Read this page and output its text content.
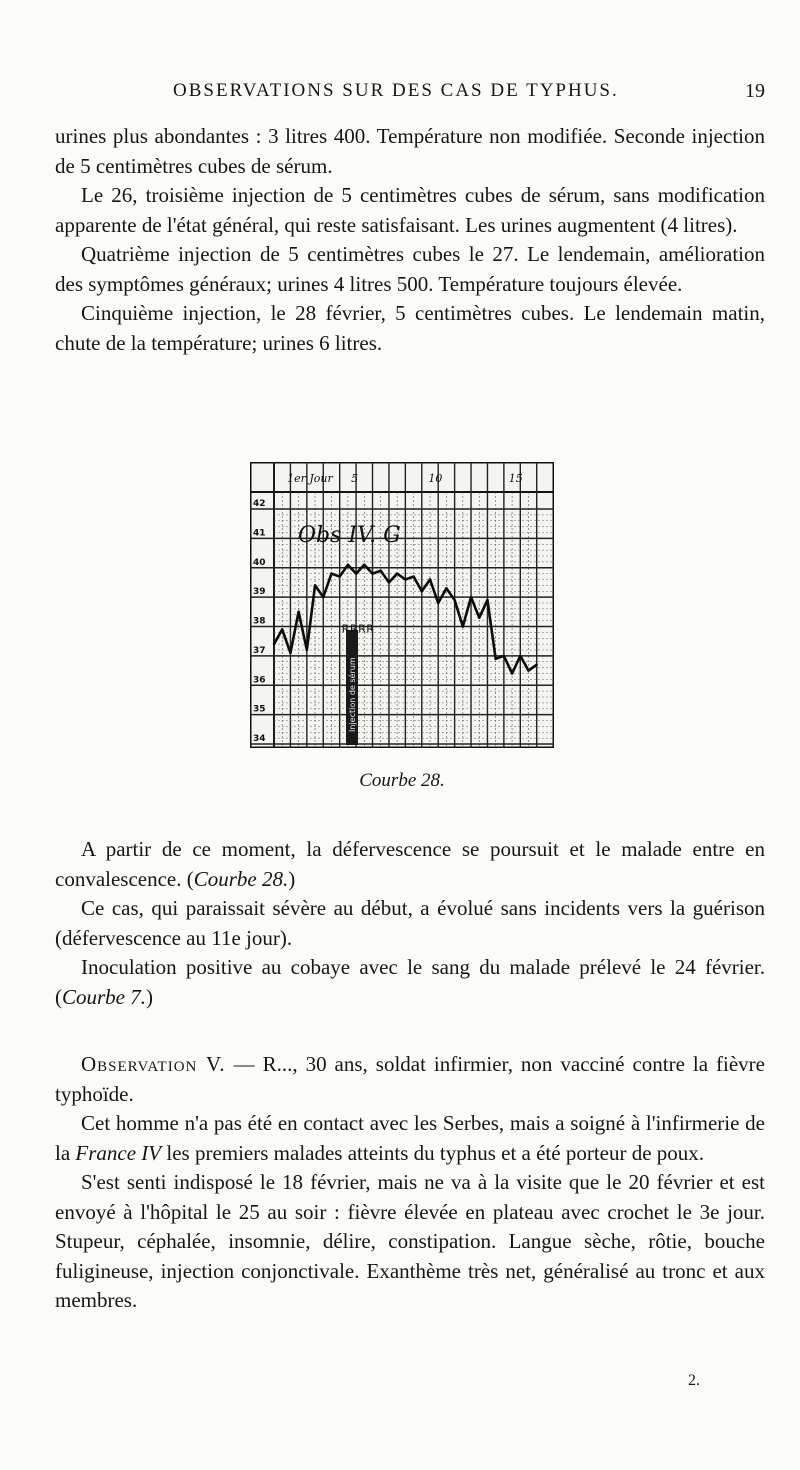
OBSERVATIONS SUR DES CAS DE TYPHUS.	19

urines plus abondantes : 3 litres 400. Température non modifiée. Seconde injection de 5 centimètres cubes de sérum.

Le 26, troisième injection de 5 centimètres cubes de sérum, sans modification apparente de l'état général, qui reste satisfaisant. Les urines augmentent (4 litres).

Quatrième injection de 5 centimètres cubes le 27. Le lendemain, amélioration des symptômes généraux; urines 4 litres 500. Température toujours élevée.

Cinquième injection, le 28 février, 5 centimètres cubes. Le lendemain matin, chute de la température; urines 6 litres.

42
41
40
39
38
37
36
35
34
1er Jour 5	10	15
Obs IV. G
Injection de sérum
R R R R
Courbe 28.

A partir de ce moment, la défervescence se poursuit et le malade entre en convalescence. (Courbe 28.)

Ce cas, qui paraissait sévère au début, a évolué sans incidents vers la guérison (défervescence au 11e jour).

Inoculation positive au cobaye avec le sang du malade prélevé le 24 février. (Courbe 7.)

Observation V. — R..., 30 ans, soldat infirmier, non vacciné contre la fièvre typhoïde.

Cet homme n'a pas été en contact avec les Serbes, mais a soigné à l'infirmerie de la France IV les premiers malades atteints du typhus et a été porteur de poux.

S'est senti indisposé le 18 février, mais ne va à la visite que le 20 février et est envoyé à l'hôpital le 25 au soir : fièvre élevée en plateau avec crochet le 3e jour. Stupeur, céphalée, insomnie, délire, constipation. Langue sèche, rôtie, bouche fuligineuse, injection conjonctivale. Exanthème très net, généralisé au tronc et aux membres.

2.
